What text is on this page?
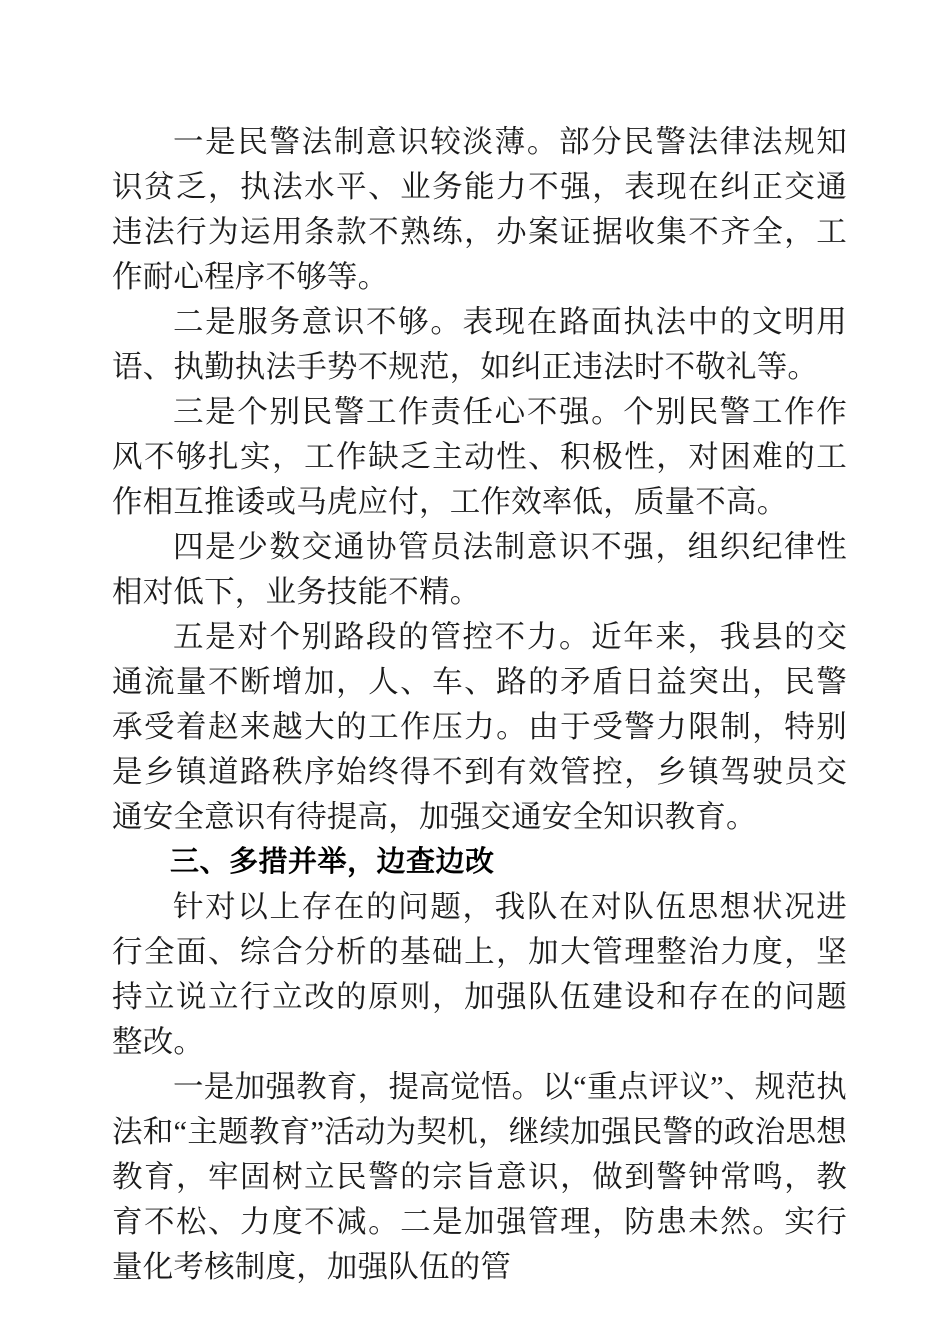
一是民警法制意识较淡薄。部分民警法律法规知识贫乏，执法水平、业务能力不强，表现在纠正交通违法行为运用条款不熟练，办案证据收集不齐全，工作耐心程序不够等。

二是服务意识不够。表现在路面执法中的文明用语、执勤执法手势不规范，如纠正违法时不敬礼等。

三是个别民警工作责任心不强。个别民警工作作风不够扎实，工作缺乏主动性、积极性，对困难的工作相互推诿或马虎应付，工作效率低，质量不高。

四是少数交通协管员法制意识不强，组织纪律性相对低下，业务技能不精。

五是对个别路段的管控不力。近年来，我县的交通流量不断增加，人、车、路的矛盾日益突出，民警承受着赵来越大的工作压力。由于受警力限制，特别是乡镇道路秩序始终得不到有效管控，乡镇驾驶员交通安全意识有待提高，加强交通安全知识教育。

三、多措并举，边查边改

针对以上存在的问题，我队在对队伍思想状况进行全面、综合分析的基础上，加大管理整治力度，坚持立说立行立改的原则，加强队伍建设和存在的问题整改。

一是加强教育，提高觉悟。以“重点评议”、规范执法和“主题教育”活动为契机，继续加强民警的政治思想教育，牢固树立民警的宗旨意识，做到警钟常鸣，教育不松、力度不减。二是加强管理，防患未然。实行量化考核制度，加强队伍的管
